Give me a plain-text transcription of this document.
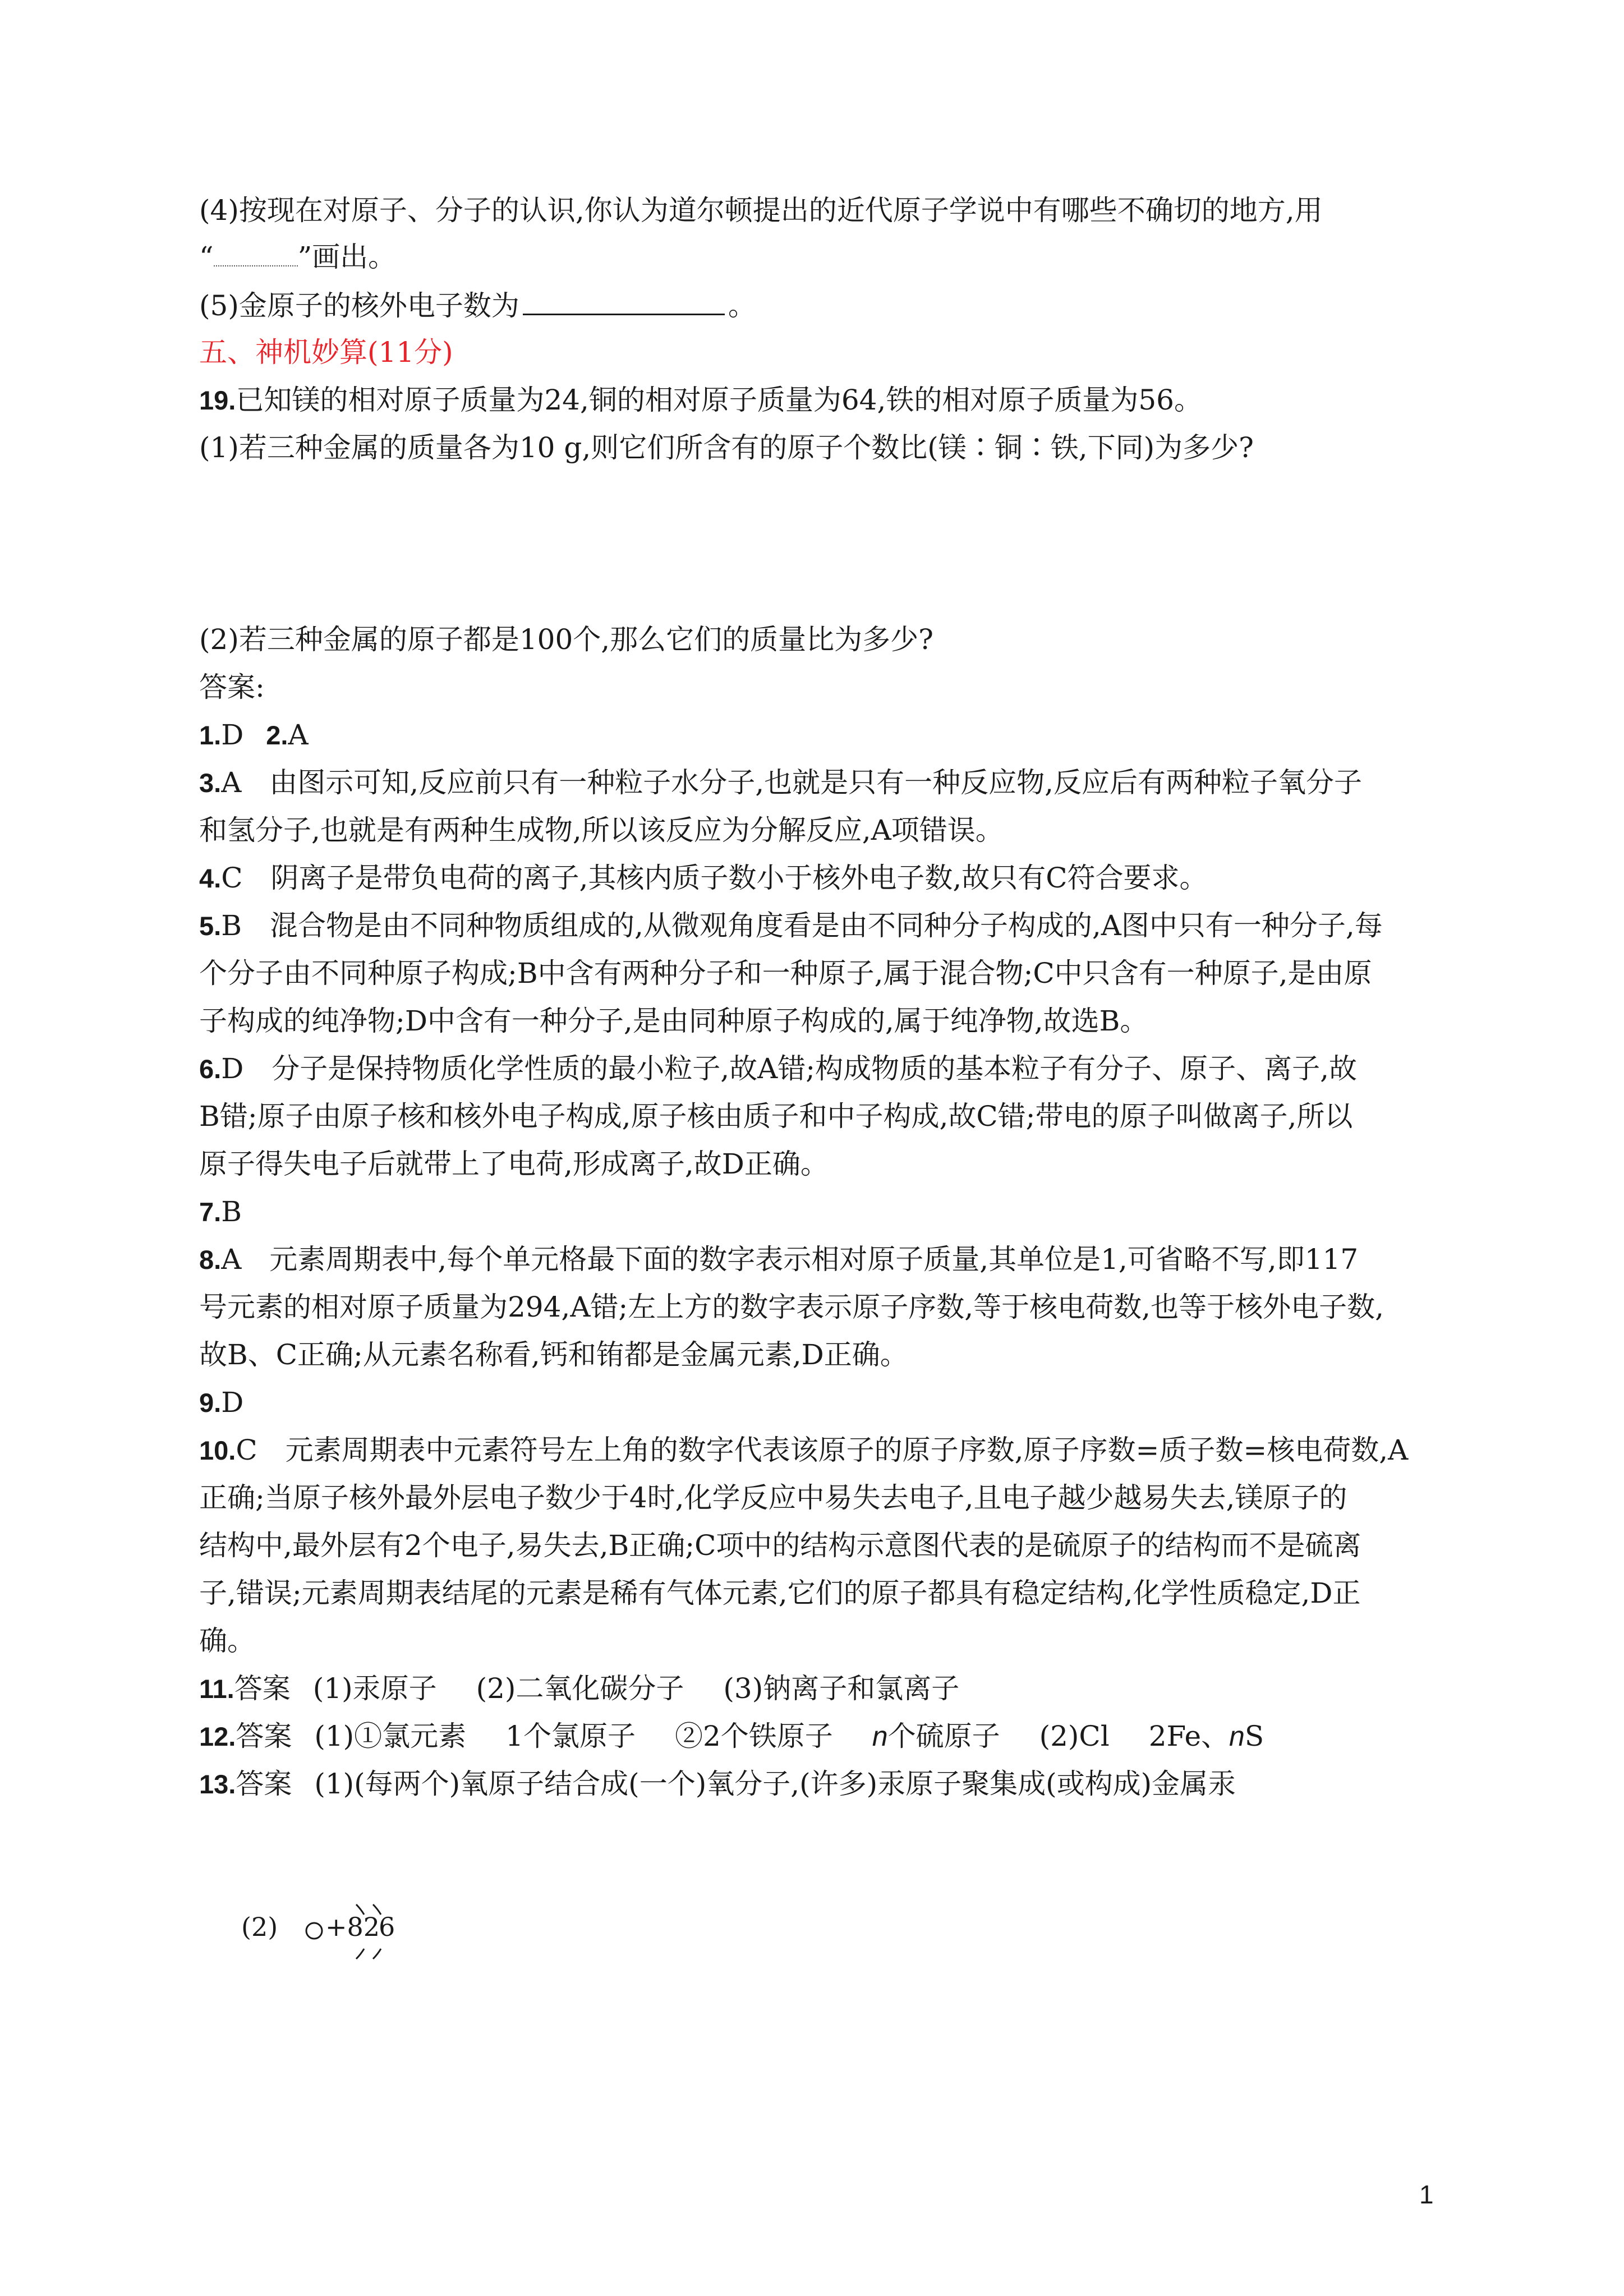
(4)按现在对原子、分子的认识,你认为道尔顿提出的近代原子学说中有哪些不确切的地方,用
“	”画出。
(5)金原子的核外电子数为	。
五、神机妙算(11分)
19.已知镁的相对原子质量为24,铜的相对原子质量为64,铁的相对原子质量为56。
(1)若三种金属的质量各为10 g,则它们所含有的原子个数比(镁∶铜∶铁,下同)为多少?
(2)若三种金属的原子都是100个,那么它们的质量比为多少?
答案:
1.D 2.A
3.A　由图示可知,反应前只有一种粒子水分子,也就是只有一种反应物,反应后有两种粒子氧分子
和氢分子,也就是有两种生成物,所以该反应为分解反应,A项错误。
4.C　阴离子是带负电荷的离子,其核内质子数小于核外电子数,故只有C符合要求。
5.B　混合物是由不同种物质组成的,从微观角度看是由不同种分子构成的,A图中只有一种分子,每
个分子由不同种原子构成;B中含有两种分子和一种原子,属于混合物;C中只含有一种原子,是由原
子构成的纯净物;D中含有一种分子,是由同种原子构成的,属于纯净物,故选B。
6.D　分子是保持物质化学性质的最小粒子,故A错;构成物质的基本粒子有分子、原子、离子,故
B错;原子由原子核和核外电子构成,原子核由质子和中子构成,故C错;带电的原子叫做离子,所以
原子得失电子后就带上了电荷,形成离子,故D正确。
7.B
8.A　元素周期表中,每个单元格最下面的数字表示相对原子质量,其单位是1,可省略不写,即117
号元素的相对原子质量为294,A错;左上方的数字表示原子序数,等于核电荷数,也等于核外电子数,
故B、C正确;从元素名称看,钙和铕都是金属元素,D正确。
9.D
10.C　元素周期表中元素符号左上角的数字代表该原子的原子序数,原子序数=质子数=核电荷数,A
正确;当原子核外最外层电子数少于4时,化学反应中易失去电子,且电子越少越易失去,镁原子的
结构中,最外层有2个电子,易失去,B正确;C项中的结构示意图代表的是硫原子的结构而不是硫离
子,错误;元素周期表结尾的元素是稀有气体元素,它们的原子都具有稳定结构,化学性质稳定,D正
确。
11.答案 (1)汞原子 (2)二氧化碳分子 (3)钠离子和氯离子
12.答案 (1)①氯元素 1个氯原子 ②2个铁原子 n个硫原子 (2)Cl 2Fe、nS
13.答案 (1)(每两个)氧原子结合成(一个)氧分子,(许多)汞原子聚集成(或构成)金属汞
(2) +82
6
1
